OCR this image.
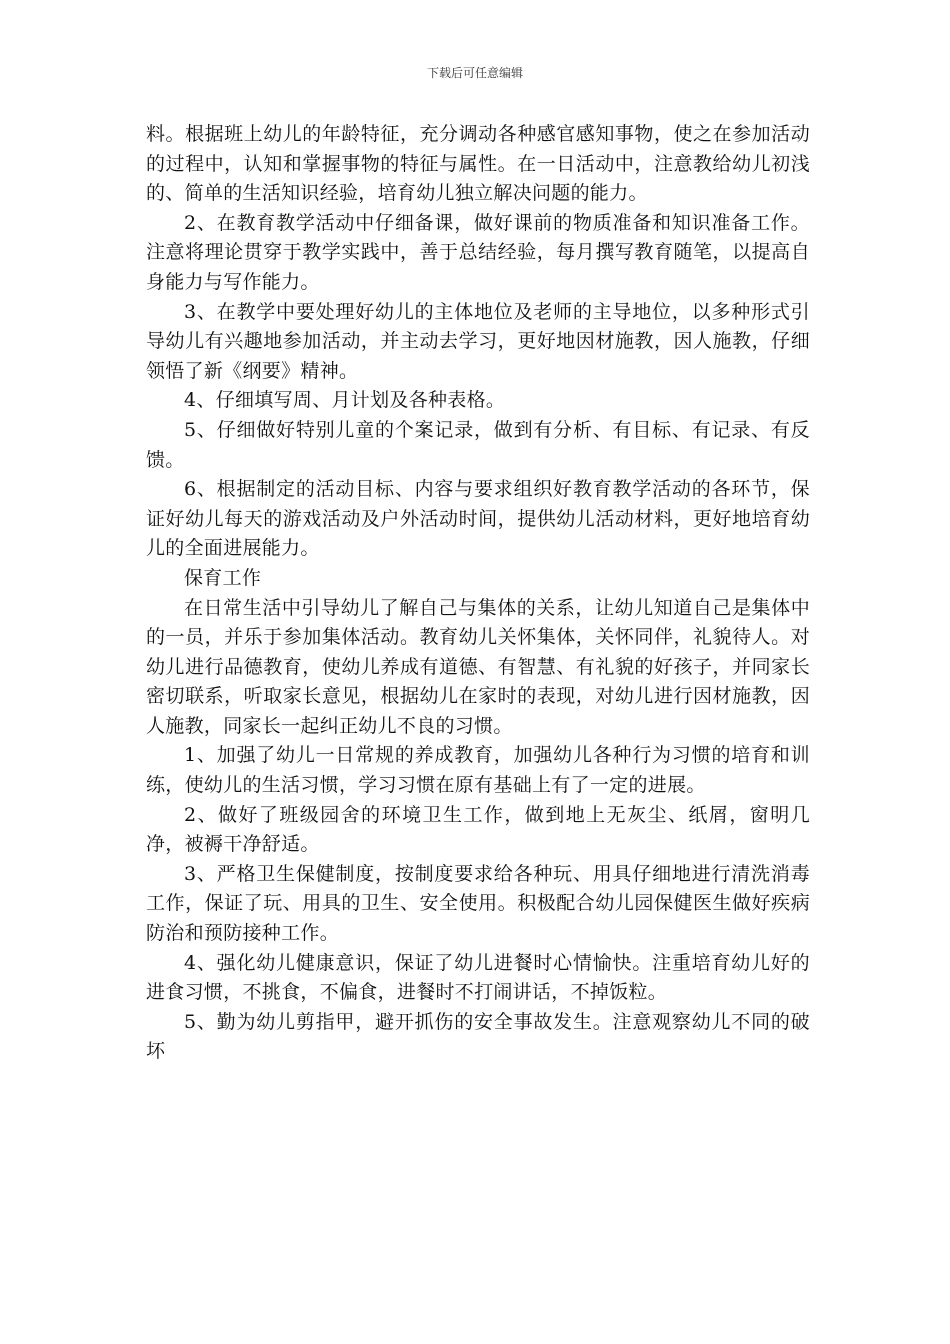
下载后可任意编辑

料。根据班上幼儿的年龄特征，充分调动各种感官感知事物，使之在参加活动的过程中，认知和掌握事物的特征与属性。在一日活动中，注意教给幼儿初浅的、简单的生活知识经验，培育幼儿独立解决问题的能力。

2、在教育教学活动中仔细备课，做好课前的物质准备和知识准备工作。注意将理论贯穿于教学实践中，善于总结经验，每月撰写教育随笔，以提高自身能力与写作能力。

3、在教学中要处理好幼儿的主体地位及老师的主导地位，以多种形式引导幼儿有兴趣地参加活动，并主动去学习，更好地因材施教，因人施教，仔细领悟了新《纲要》精神。

4、仔细填写周、月计划及各种表格。

5、仔细做好特别儿童的个案记录，做到有分析、有目标、有记录、有反馈。

6、根据制定的活动目标、内容与要求组织好教育教学活动的各环节，保证好幼儿每天的游戏活动及户外活动时间，提供幼儿活动材料，更好地培育幼儿的全面进展能力。

保育工作

在日常生活中引导幼儿了解自己与集体的关系，让幼儿知道自己是集体中的一员，并乐于参加集体活动。教育幼儿关怀集体，关怀同伴，礼貌待人。对幼儿进行品德教育，使幼儿养成有道德、有智慧、有礼貌的好孩子，并同家长密切联系，听取家长意见，根据幼儿在家时的表现，对幼儿进行因材施教，因人施教，同家长一起纠正幼儿不良的习惯。

1、加强了幼儿一日常规的养成教育，加强幼儿各种行为习惯的培育和训练，使幼儿的生活习惯，学习习惯在原有基础上有了一定的进展。

2、做好了班级园舍的环境卫生工作，做到地上无灰尘、纸屑，窗明几净，被褥干净舒适。

3、严格卫生保健制度，按制度要求给各种玩、用具仔细地进行清洗消毒工作，保证了玩、用具的卫生、安全使用。积极配合幼儿园保健医生做好疾病防治和预防接种工作。

4、强化幼儿健康意识，保证了幼儿进餐时心情愉快。注重培育幼儿好的进食习惯，不挑食，不偏食，进餐时不打闹讲话，不掉饭粒。

5、勤为幼儿剪指甲，避开抓伤的安全事故发生。注意观察幼儿不同的破坏
